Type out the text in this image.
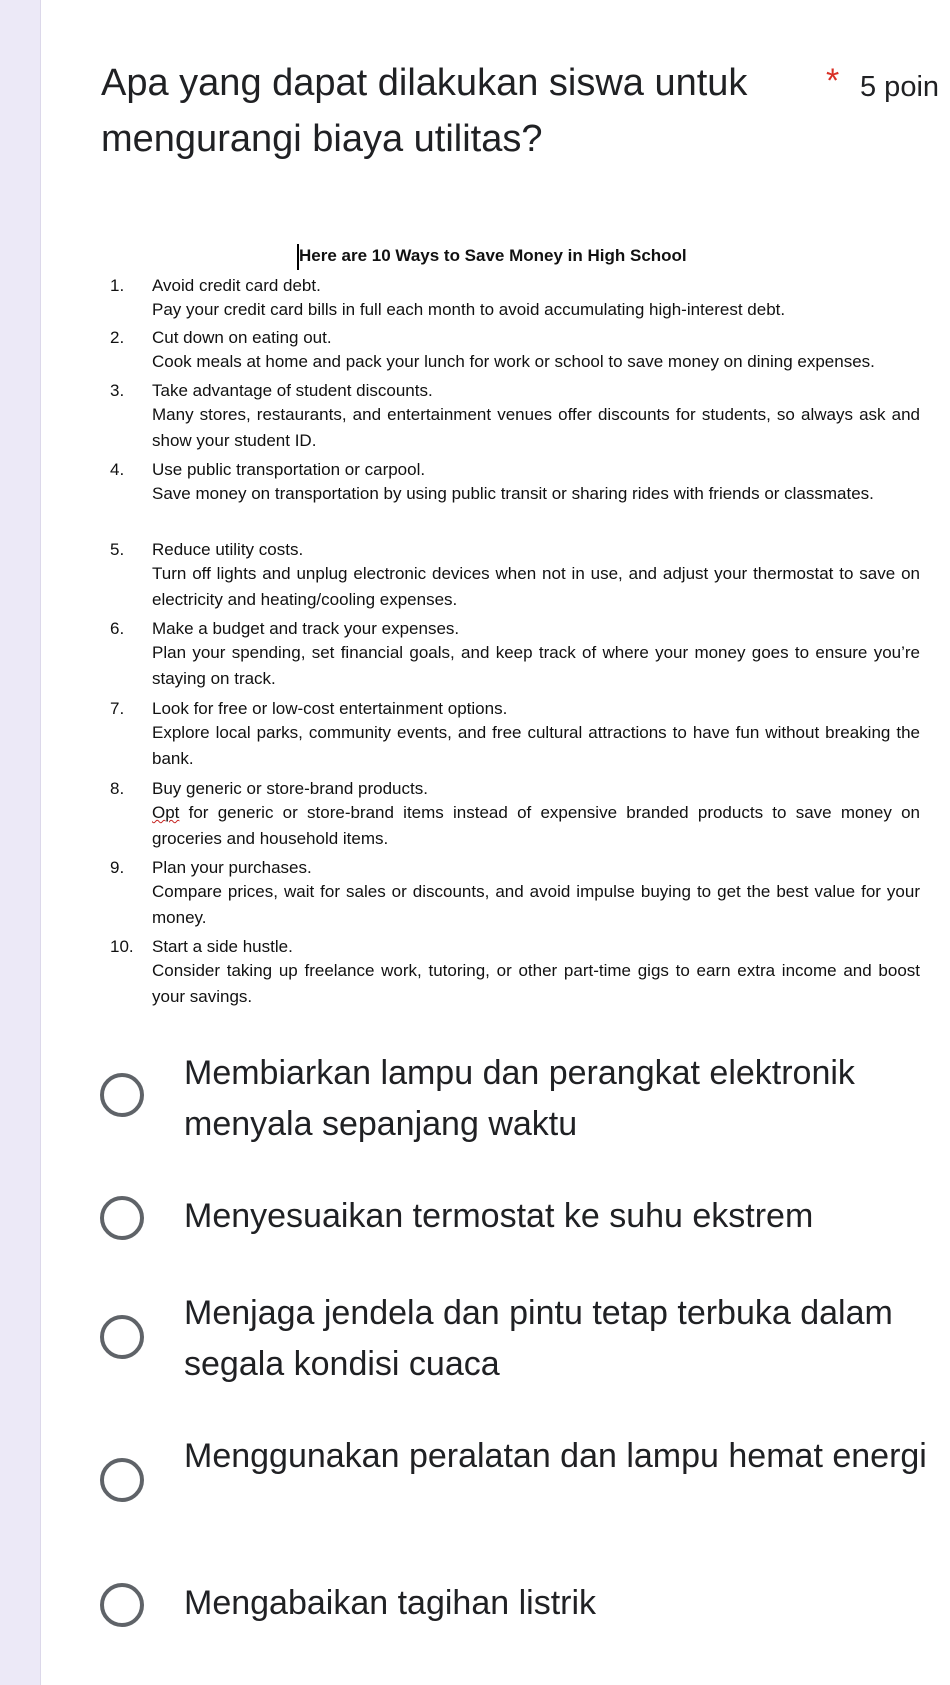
Apa yang dapat dilakukan siswa untuk mengurangi biaya utilitas?
* 5 poin
Here are 10 Ways to Save Money in High School
1.	Avoid credit card debt.
Pay your credit card bills in full each month to avoid accumulating high-interest debt.
2.	Cut down on eating out.
Cook meals at home and pack your lunch for work or school to save money on dining expenses.
3.	Take advantage of student discounts.
Many stores, restaurants, and entertainment venues offer discounts for students, so always ask and show your student ID.
4.	Use public transportation or carpool.
Save money on transportation by using public transit or sharing rides with friends or classmates.
5.	Reduce utility costs.
Turn off lights and unplug electronic devices when not in use, and adjust your thermostat to save on electricity and heating/cooling expenses.
6.	Make a budget and track your expenses.
Plan your spending, set financial goals, and keep track of where your money goes to ensure you’re staying on track.
7.	Look for free or low-cost entertainment options.
Explore local parks, community events, and free cultural attractions to have fun without breaking the bank.
8.	Buy generic or store-brand products.
Opt for generic or store-brand items instead of expensive branded products to save money on groceries and household items.
9.	Plan your purchases.
Compare prices, wait for sales or discounts, and avoid impulse buying to get the best value for your money.
10.	Start a side hustle.
Consider taking up freelance work, tutoring, or other part-time gigs to earn extra income and boost your savings.
Membiarkan lampu dan perangkat elektronik menyala sepanjang waktu
Menyesuaikan termostat ke suhu ekstrem
Menjaga jendela dan pintu tetap terbuka dalam segala kondisi cuaca
Menggunakan peralatan dan lampu hemat energi
Mengabaikan tagihan listrik
